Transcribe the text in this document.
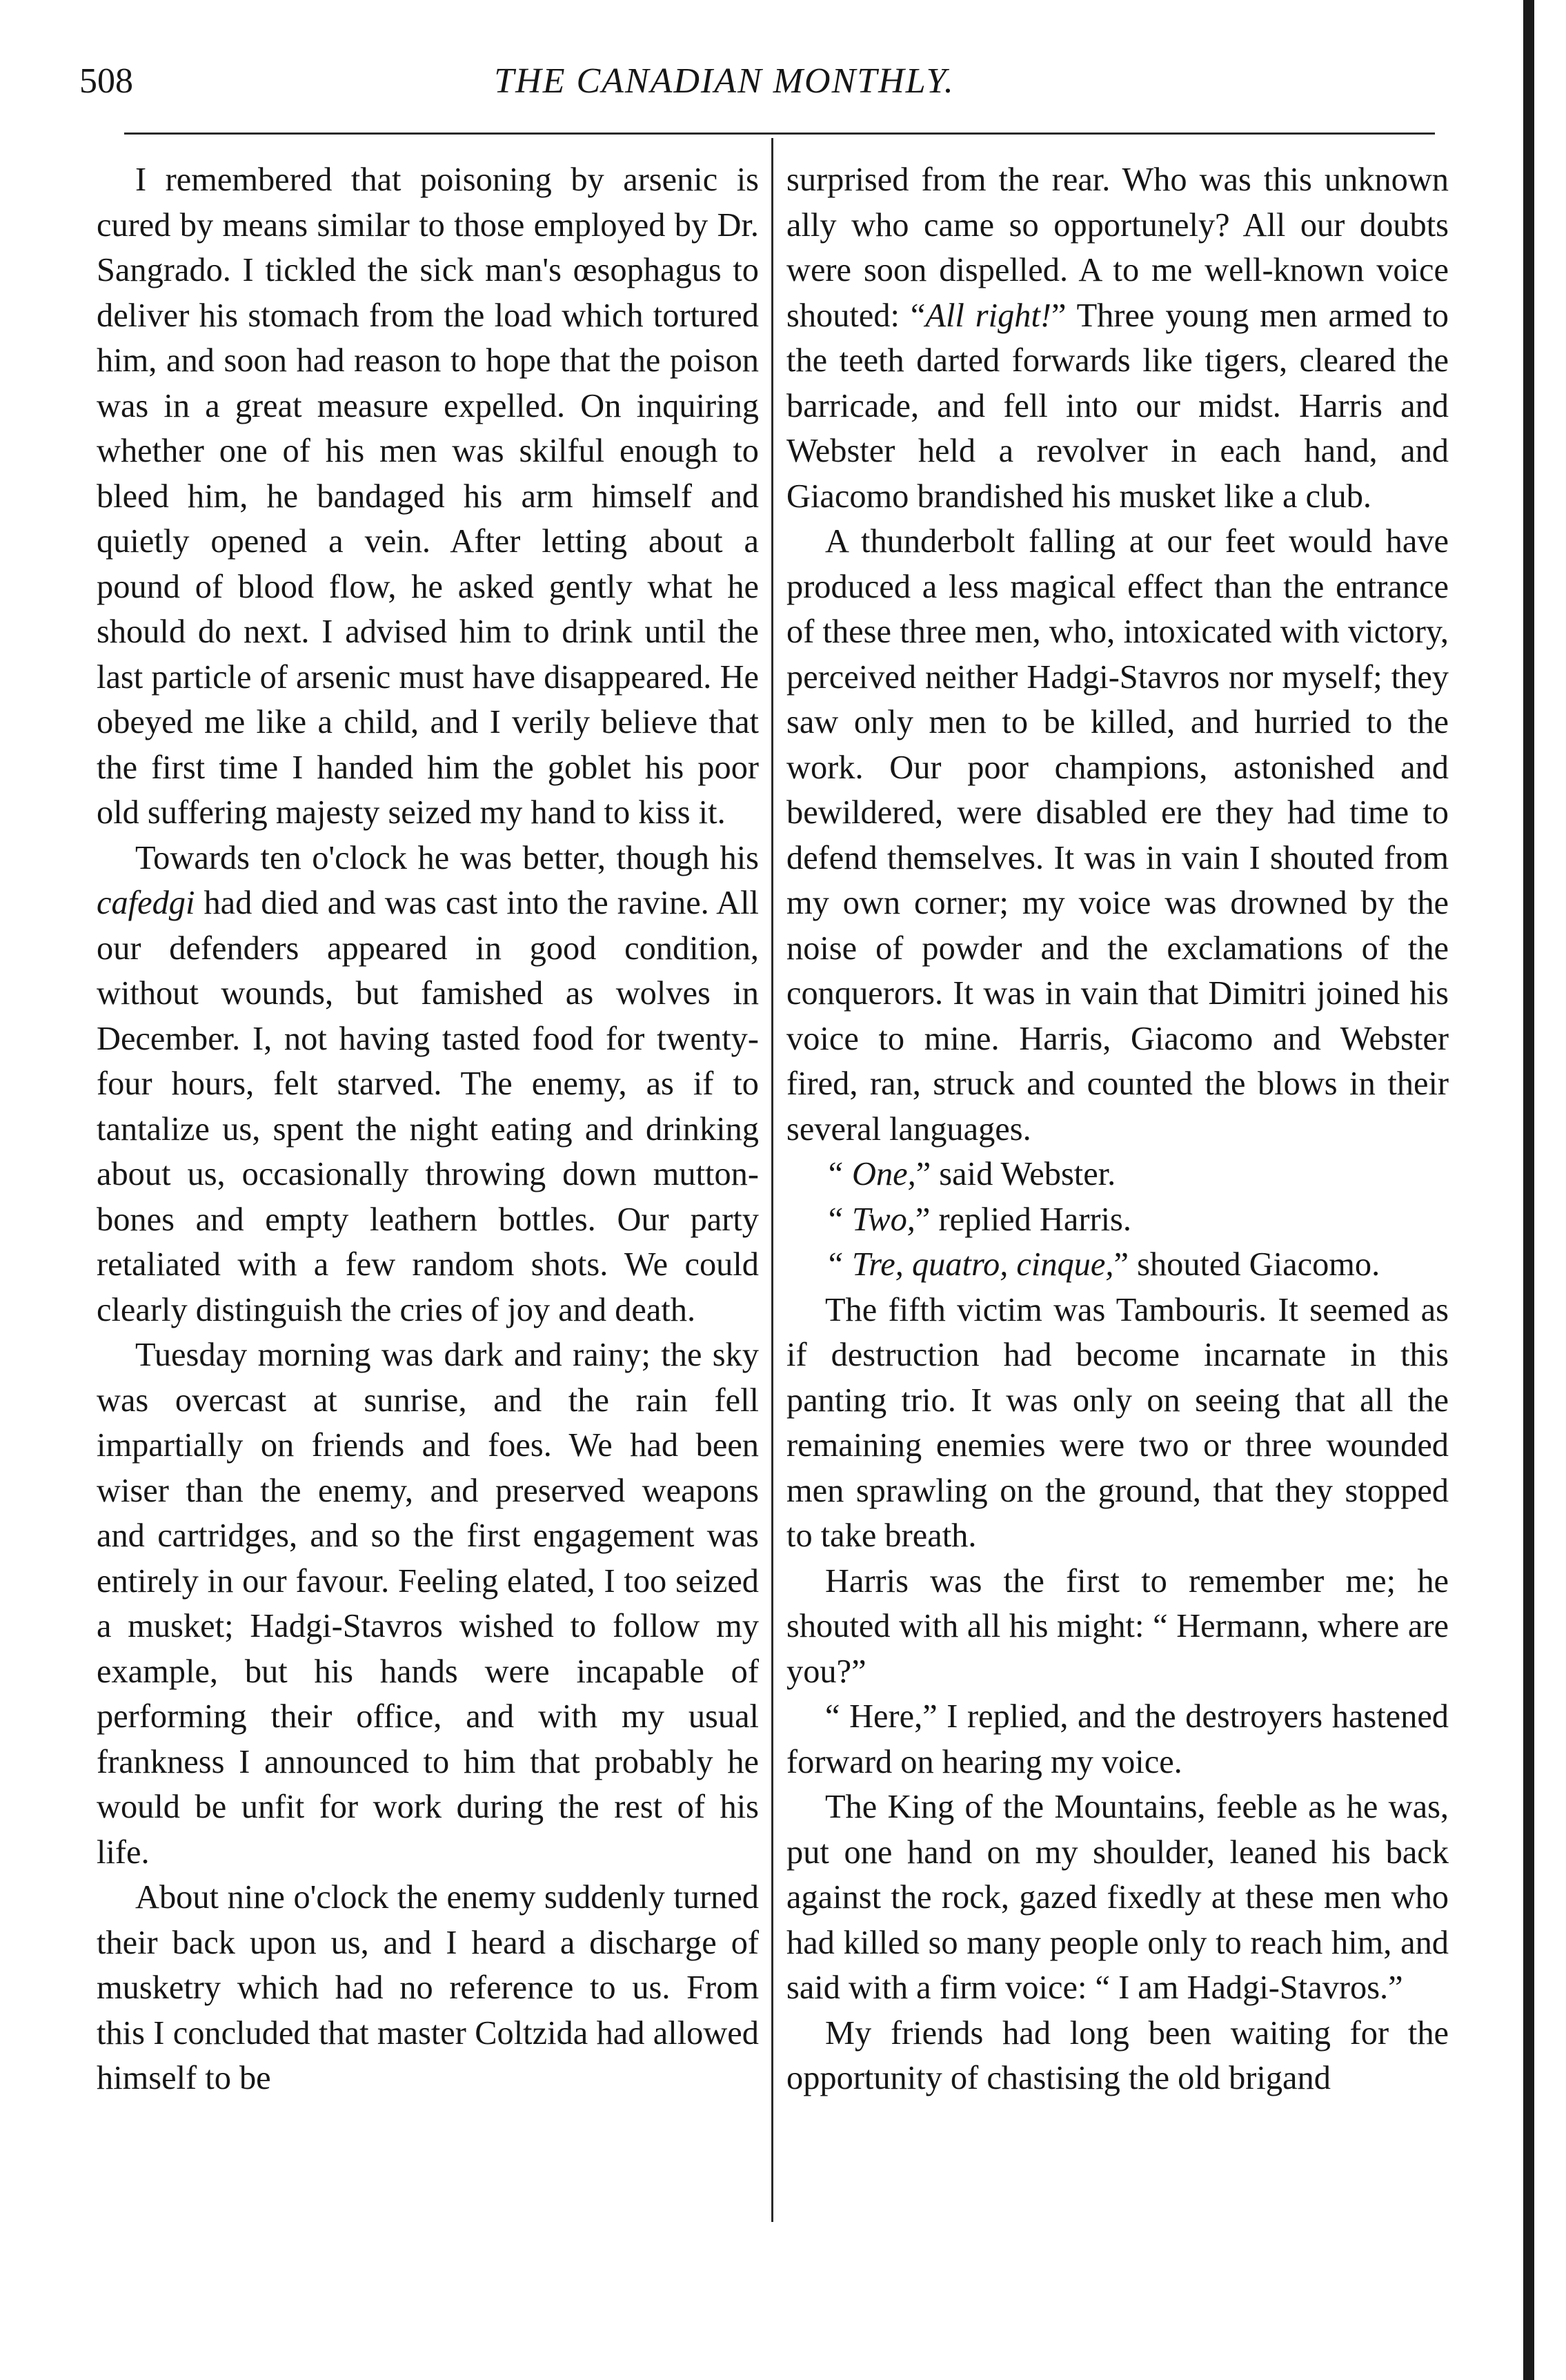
508	THE CANADIAN MONTHLY.

I remembered that poisoning by arsenic is cured by means similar to those employed by Dr. Sangrado. I tickled the sick man's œsophagus to deliver his stomach from the load which tortured him, and soon had reason to hope that the poison was in a great measure expelled. On inquiring whether one of his men was skilful enough to bleed him, he bandaged his arm himself and quietly opened a vein. After letting about a pound of blood flow, he asked gently what he should do next. I advised him to drink until the last particle of arsenic must have disappeared. He obeyed me like a child, and I verily believe that the first time I handed him the goblet his poor old suffering majesty seized my hand to kiss it.

Towards ten o'clock he was better, though his cafedgi had died and was cast into the ravine. All our defenders appeared in good condition, without wounds, but famished as wolves in December. I, not having tasted food for twenty-four hours, felt starved. The enemy, as if to tantalize us, spent the night eating and drinking about us, occasionally throwing down mutton-bones and empty leathern bottles. Our party retaliated with a few random shots. We could clearly distinguish the cries of joy and death.

Tuesday morning was dark and rainy; the sky was overcast at sunrise, and the rain fell impartially on friends and foes. We had been wiser than the enemy, and preserved weapons and cartridges, and so the first engagement was entirely in our favour. Feeling elated, I too seized a musket; Hadgi-Stavros wished to follow my example, but his hands were incapable of performing their office, and with my usual frankness I announced to him that probably he would be unfit for work during the rest of his life.

About nine o'clock the enemy suddenly turned their back upon us, and I heard a discharge of musketry which had no reference to us. From this I concluded that master Coltzida had allowed himself to be

surprised from the rear. Who was this unknown ally who came so opportunely? All our doubts were soon dispelled. A to me well-known voice shouted: “All right!” Three young men armed to the teeth darted forwards like tigers, cleared the barricade, and fell into our midst. Harris and Webster held a revolver in each hand, and Giacomo brandished his musket like a club.

A thunderbolt falling at our feet would have produced a less magical effect than the entrance of these three men, who, intoxicated with victory, perceived neither Hadgi-Stavros nor myself; they saw only men to be killed, and hurried to the work. Our poor champions, astonished and bewildered, were disabled ere they had time to defend themselves. It was in vain I shouted from my own corner; my voice was drowned by the noise of powder and the exclamations of the conquerors. It was in vain that Dimitri joined his voice to mine. Harris, Giacomo and Webster fired, ran, struck and counted the blows in their several languages.

“ One,” said Webster.

“ Two,” replied Harris.

“ Tre, quatro, cinque,” shouted Giacomo.

The fifth victim was Tambouris. It seemed as if destruction had become incarnate in this panting trio. It was only on seeing that all the remaining enemies were two or three wounded men sprawling on the ground, that they stopped to take breath.

Harris was the first to remember me; he shouted with all his might: “ Hermann, where are you?”

“ Here,” I replied, and the destroyers hastened forward on hearing my voice.

The King of the Mountains, feeble as he was, put one hand on my shoulder, leaned his back against the rock, gazed fixedly at these men who had killed so many people only to reach him, and said with a firm voice: “ I am Hadgi-Stavros.”

My friends had long been waiting for the opportunity of chastising the old brigand
